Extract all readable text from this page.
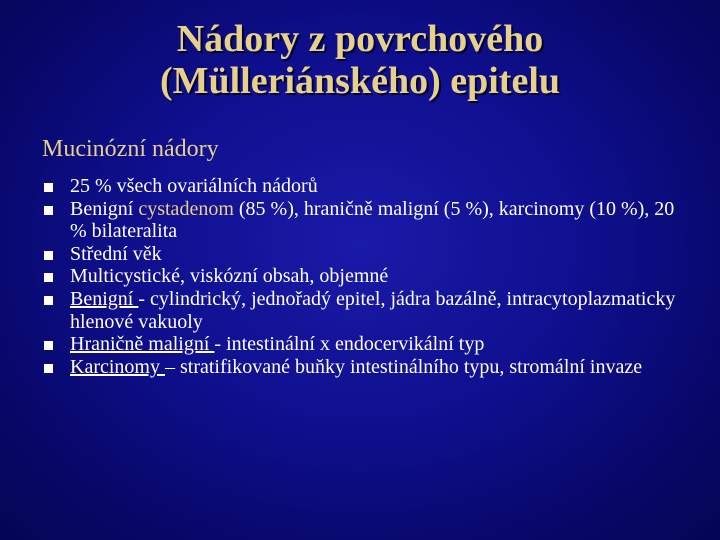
Nádory z povrchového
(Mülleriánského) epitelu
Mucinózní nádory
25 % všech ovariálních nádorů
Benigní cystadenom (85 %), hraničně maligní (5 %), karcinomy (10 %), 20 % bilateralita
Střední věk
Multicystické, viskózní obsah, objemné
Benigní - cylindrický, jednořadý epitel, jádra bazálně, intracytoplazmaticky hlenové vakuoly
Hraničně maligní - intestinální x endocervikální typ
Karcinomy – stratifikované buňky intestinálního typu, stromální invaze
